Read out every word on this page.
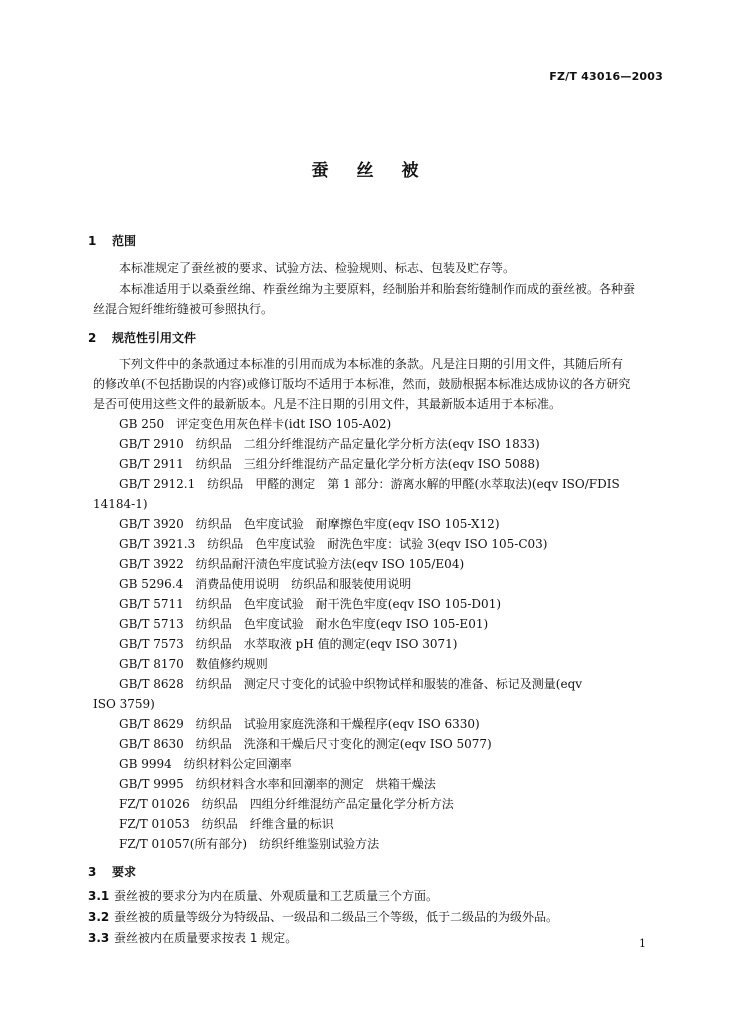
FZ/T 43016—2003
蚕丝被
1 范围
本标准规定了蚕丝被的要求、试验方法、检验规则、标志、包装及贮存等。
本标准适用于以桑蚕丝绵、柞蚕丝绵为主要原料，经制胎并和胎套绗缝制作而成的蚕丝被。各种蚕
丝混合短纤维绗缝被可参照执行。
2 规范性引用文件
下列文件中的条款通过本标准的引用而成为本标准的条款。凡是注日期的引用文件，其随后所有
的修改单(不包括勘误的内容)或修订版均不适用于本标准，然而，鼓励根据本标准达成协议的各方研究
是否可使用这些文件的最新版本。凡是不注日期的引用文件，其最新版本适用于本标准。
GB 250　评定变色用灰色样卡(idt ISO 105-A02)
GB/T 2910　纺织品　二组分纤维混纺产品定量化学分析方法(eqv ISO 1833)
GB/T 2911　纺织品　三组分纤维混纺产品定量化学分析方法(eqv ISO 5088)
GB/T 2912.1　纺织品　甲醛的测定　第 1 部分：游离水解的甲醛(水萃取法)(eqv ISO/FDIS
14184-1)
GB/T 3920　纺织品　色牢度试验　耐摩擦色牢度(eqv ISO 105-X12)
GB/T 3921.3　纺织品　色牢度试验　耐洗色牢度：试验 3(eqv ISO 105-C03)
GB/T 3922　纺织品耐汗渍色牢度试验方法(eqv ISO 105/E04)
GB 5296.4　消费品使用说明　纺织品和服装使用说明
GB/T 5711　纺织品　色牢度试验　耐干洗色牢度(eqv ISO 105-D01)
GB/T 5713　纺织品　色牢度试验　耐水色牢度(eqv ISO 105-E01)
GB/T 7573　纺织品　水萃取液 pH 值的测定(eqv ISO 3071)
GB/T 8170　数值修约规则
GB/T 8628　纺织品　测定尺寸变化的试验中织物试样和服装的准备、标记及测量(eqv
ISO 3759)
GB/T 8629　纺织品　试验用家庭洗涤和干燥程序(eqv ISO 6330)
GB/T 8630　纺织品　洗涤和干燥后尺寸变化的测定(eqv ISO 5077)
GB 9994　纺织材料公定回潮率
GB/T 9995　纺织材料含水率和回潮率的测定　烘箱干燥法
FZ/T 01026　纺织品　四组分纤维混纺产品定量化学分析方法
FZ/T 01053　纺织品　纤维含量的标识
FZ/T 01057(所有部分)　纺织纤维鉴别试验方法
3 要求
3.1 蚕丝被的要求分为内在质量、外观质量和工艺质量三个方面。
3.2 蚕丝被的质量等级分为特级品、一级品和二级品三个等级，低于二级品的为级外品。
3.3 蚕丝被内在质量要求按表 1 规定。	1
